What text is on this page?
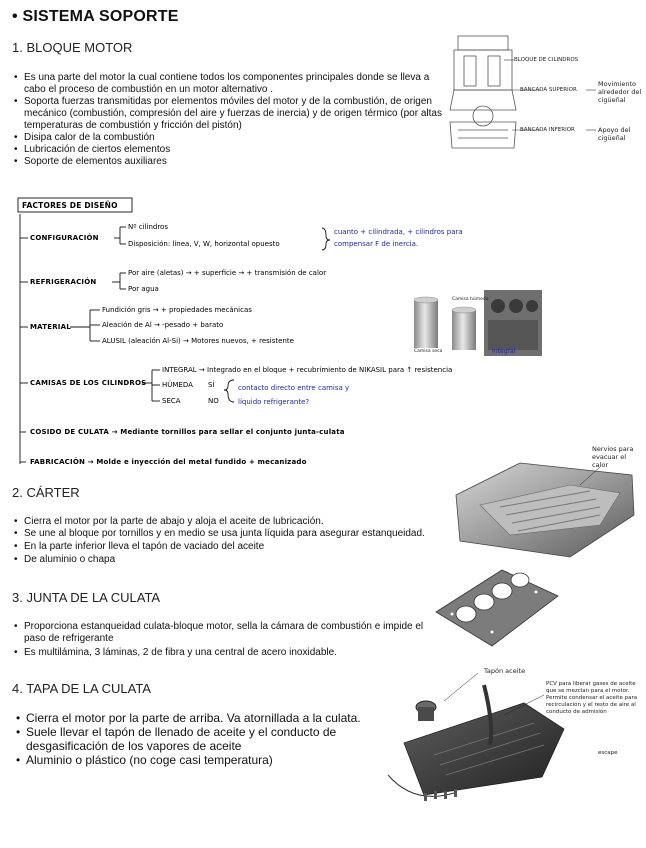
• SISTEMA SOPORTE
1. BLOQUE MOTOR
• Es una parte del motor la cual contiene todos los componentes principales donde se lleva a cabo el proceso de combustión en un motor alternativo .
• Soporta fuerzas transmitidas por elementos móviles del motor y de la combustión, de origen mecánico (combustión, compresión del aire y fuerzas de inercia) y de origen térmico (por altas temperaturas de combustión y fricción del pistón)
• Disipa calor de la combustión
• Lubricación de ciertos elementos
• Soporte de elementos auxiliares
BLOQUE DE CILINDROS
BANCADA SUPERIOR
BANCADA INFERIOR
Movimiento alrededor del cigüeñal
Apoyo del cigüeñal
FACTORES DE DISEÑO
CONFIGURACIÓN
Nº cilindros
Disposición: línea, V, W, horizontal opuesto
cuanto + cilindrada, + cilindros para compensar F de inercia.
REFRIGERACIÓN
Por aire (aletas) → + superficie → + transmisión de calor
Por agua
MATERIAL
Fundición gris → + propiedades mecánicas
Aleación de Al → -pesado + barato
ALUSIL (aleación Al-Si) → Motores nuevos, + resistente
Camisa húmeda
Camisa seca	Integral
CAMISAS DE LOS CILINDROS
INTEGRAL → Integrado en el bloque + recubrimiento de NIKASIL para ↑ resistencia
HÚMEDA SÍ
SECA	NO
contacto directo entre camisa y líquido refrigerante?
COSIDO DE CULATA → Mediante tornillos para sellar el conjunto junta-culata
FABRICACIÓN → Molde e inyección del metal fundido + mecanizado
2. CÁRTER
• Cierra el motor por la parte de abajo y aloja el aceite de lubricación.
• Se une al bloque por tornillos y en medio se usa junta líquida para asegurar estanqueidad.
• En la parte inferior lleva el tapón de vaciado del aceite
• De aluminio o chapa
Nervios para evacuar el calor
3. JUNTA DE LA CULATA
• Proporciona estanqueidad culata-bloque motor, sella la cámara de combustión e impide el paso de refrigerante
• Es multilámina, 3 láminas, 2 de fibra y una central de acero inoxidable.
4. TAPA DE LA CULATA
• Cierra el motor por la parte de arriba. Va atornillada a la culata.
• Suele llevar el tapón de llenado de aceite y el conducto de desgasificación de los vapores de aceite
• Aluminio o plástico (no coge casi temperatura)
Tapón aceite
PCV para liberar gases de aceite que se mezclan para el motor. Permite condensar el aceite para recirculación y el resto de aire al conducto de admisión
escape
